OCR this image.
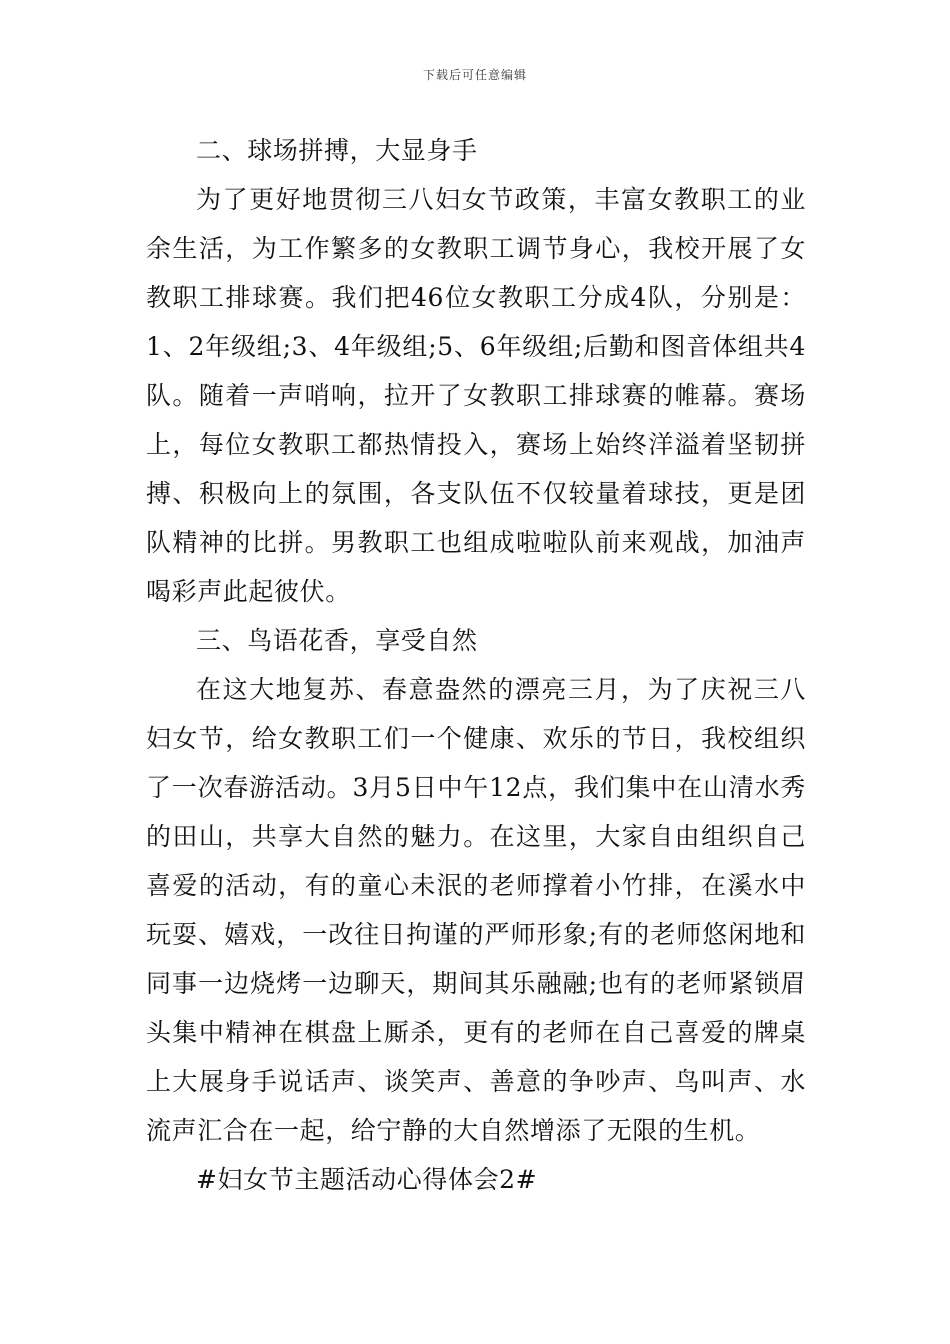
下载后可任意编辑

二、球场拼搏，大显身手

为了更好地贯彻三八妇女节政策，丰富女教职工的业余生活，为工作繁多的女教职工调节身心，我校开展了女教职工排球赛。我们把46位女教职工分成4队，分别是：1、2年级组;3、4年级组;5、6年级组;后勤和图音体组共4队。随着一声哨响，拉开了女教职工排球赛的帷幕。赛场上，每位女教职工都热情投入，赛场上始终洋溢着坚韧拼搏、积极向上的氛围，各支队伍不仅较量着球技，更是团队精神的比拼。男教职工也组成啦啦队前来观战，加油声喝彩声此起彼伏。

三、鸟语花香，享受自然

在这大地复苏、春意盎然的漂亮三月，为了庆祝三八妇女节，给女教职工们一个健康、欢乐的节日，我校组织了一次春游活动。3月5日中午12点，我们集中在山清水秀的田山，共享大自然的魅力。在这里，大家自由组织自己喜爱的活动，有的童心未泯的老师撑着小竹排，在溪水中玩耍、嬉戏，一改往日拘谨的严师形象;有的老师悠闲地和同事一边烧烤一边聊天，期间其乐融融;也有的老师紧锁眉头集中精神在棋盘上厮杀，更有的老师在自己喜爱的牌桌上大展身手说话声、谈笑声、善意的争吵声、鸟叫声、水流声汇合在一起，给宁静的大自然增添了无限的生机。

#妇女节主题活动心得体会2#
